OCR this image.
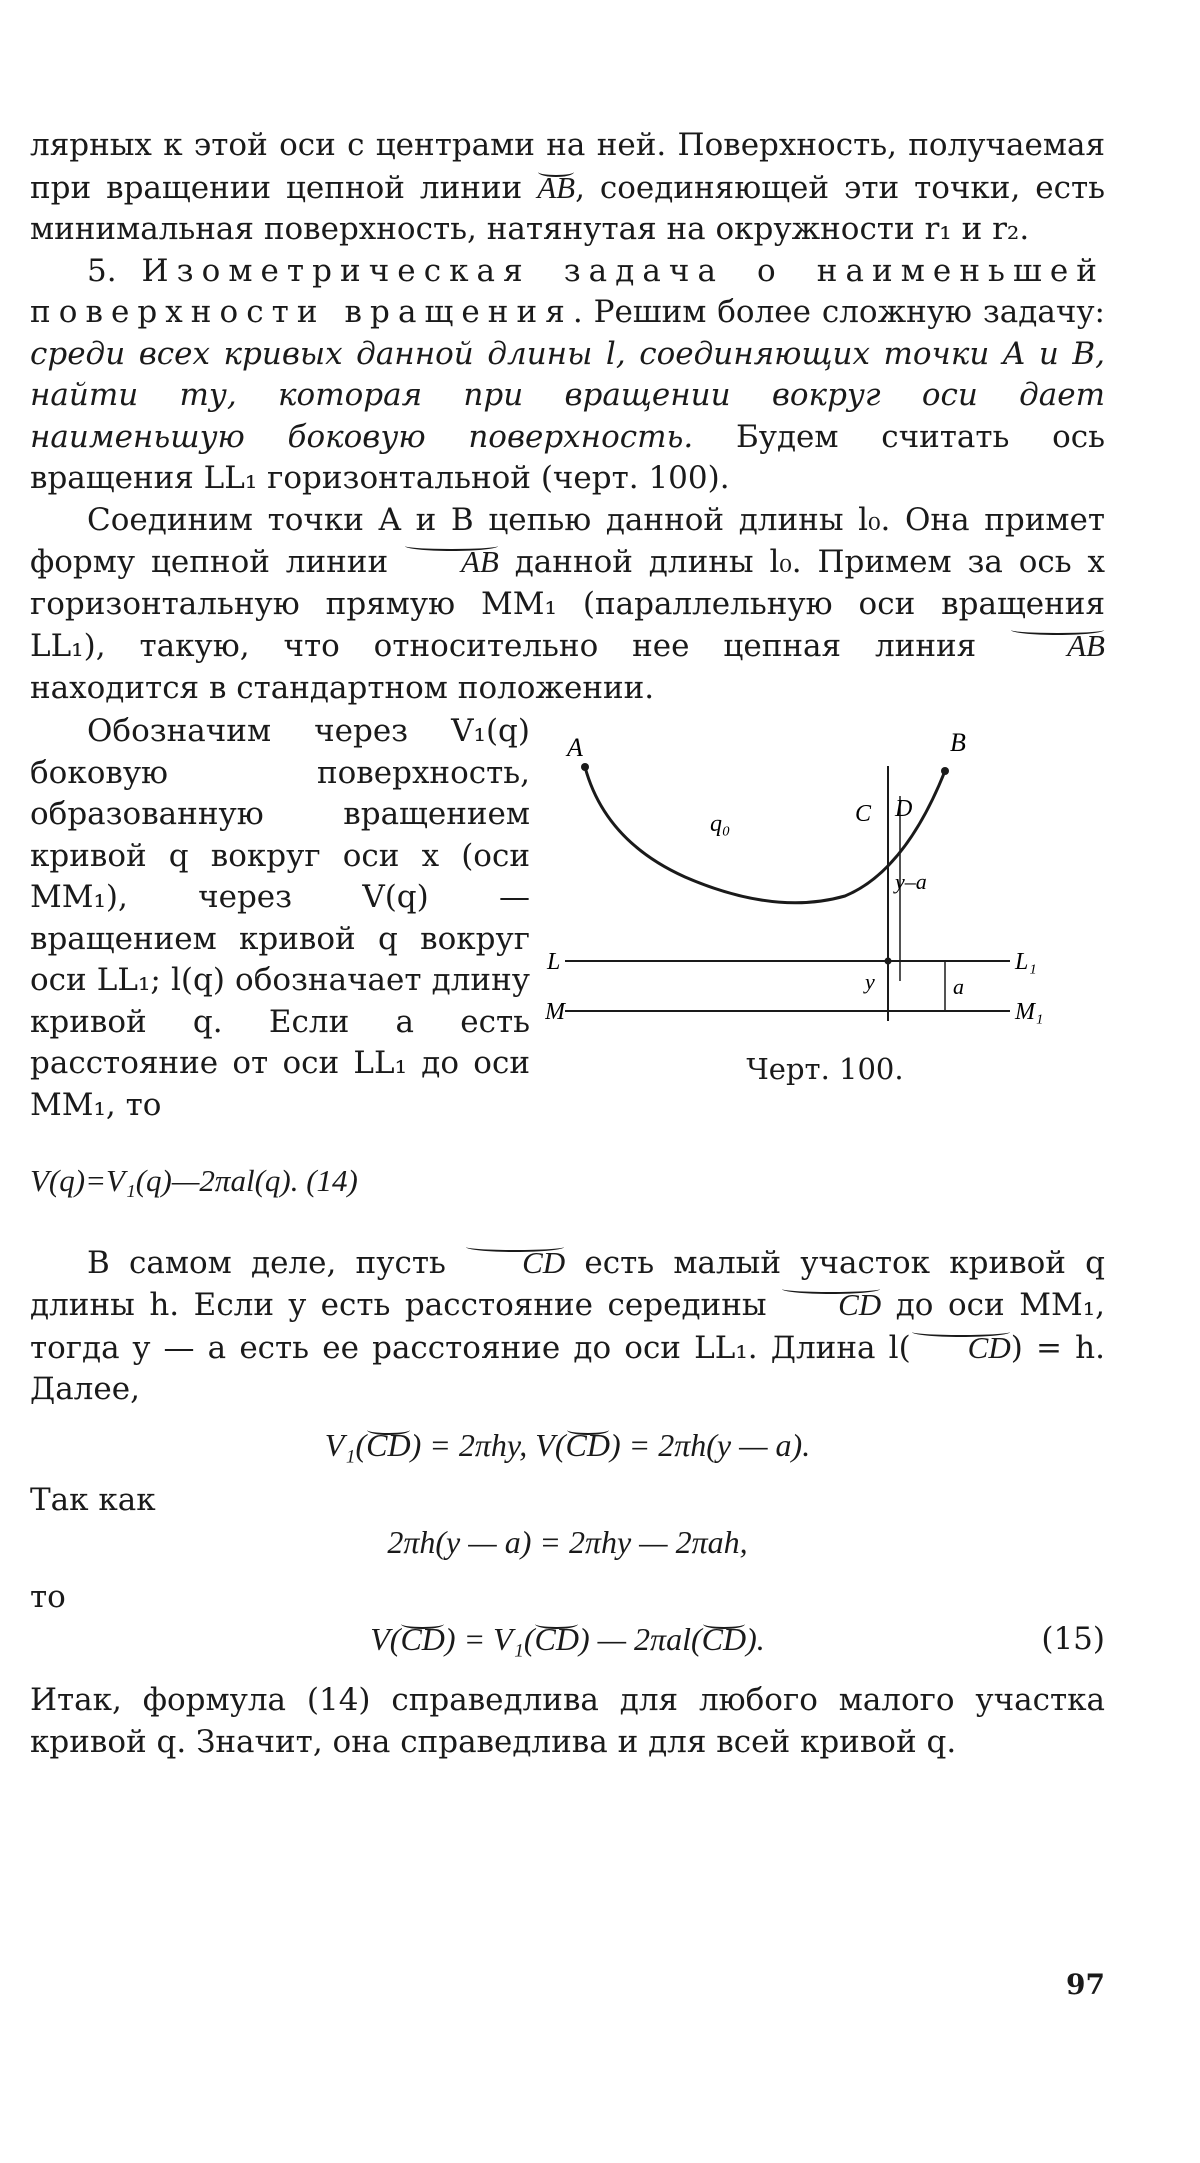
лярных к этой оси с центрами на ней. Поверхность, получаемая при вращении цепной линии AB, соединяющей эти точки, есть минимальная поверхность, натянутая на окружности r₁ и r₂.

5. Изометрическая задача о наименьшей поверхности вращения. Решим более сложную задачу: среди всех кривых данной длины l, соединяющих точки A и B, найти ту, которая при вращении вокруг оси дает наименьшую боковую поверхность. Будем считать ось вращения LL₁ горизонтальной (черт. 100).

Соединим точки A и B цепью данной длины l₀. Она примет форму цепной линии AB данной длины l₀. Примем за ось x горизонтальную прямую MM₁ (параллельную оси вращения LL₁), такую, что относительно нее цепная линия AB находится в стандартном положении.

Обозначим через V₁(q) боковую поверхность, образованную вращением кривой q вокруг оси x (оси MM₁), через V(q) — вращением кривой q вокруг оси LL₁; l(q) обозначает длину кривой q. Если a есть расстояние от оси LL₁ до оси MM₁, то

V(q)=V₁(q)—2πal(q). (14)

A	B
C D
q₀
y–a
y	a
L	L₁
M	M₁
Черт. 100.

В самом деле, пусть CD есть малый участок кривой q длины h. Если y есть расстояние середины CD до оси MM₁, тогда y — a есть ее расстояние до оси LL₁. Длина l( CD) = h. Далее,

V₁(CD) = 2πhy, V(CD) = 2πh(y — a).

Так как

2πh(y — a) = 2πhy — 2πah,

то

V(CD) = V₁(CD) — 2πal(CD).	(15)

Итак, формула (14) справедлива для любого малого участка кривой q. Значит, она справедлива и для всей кривой q.

97
